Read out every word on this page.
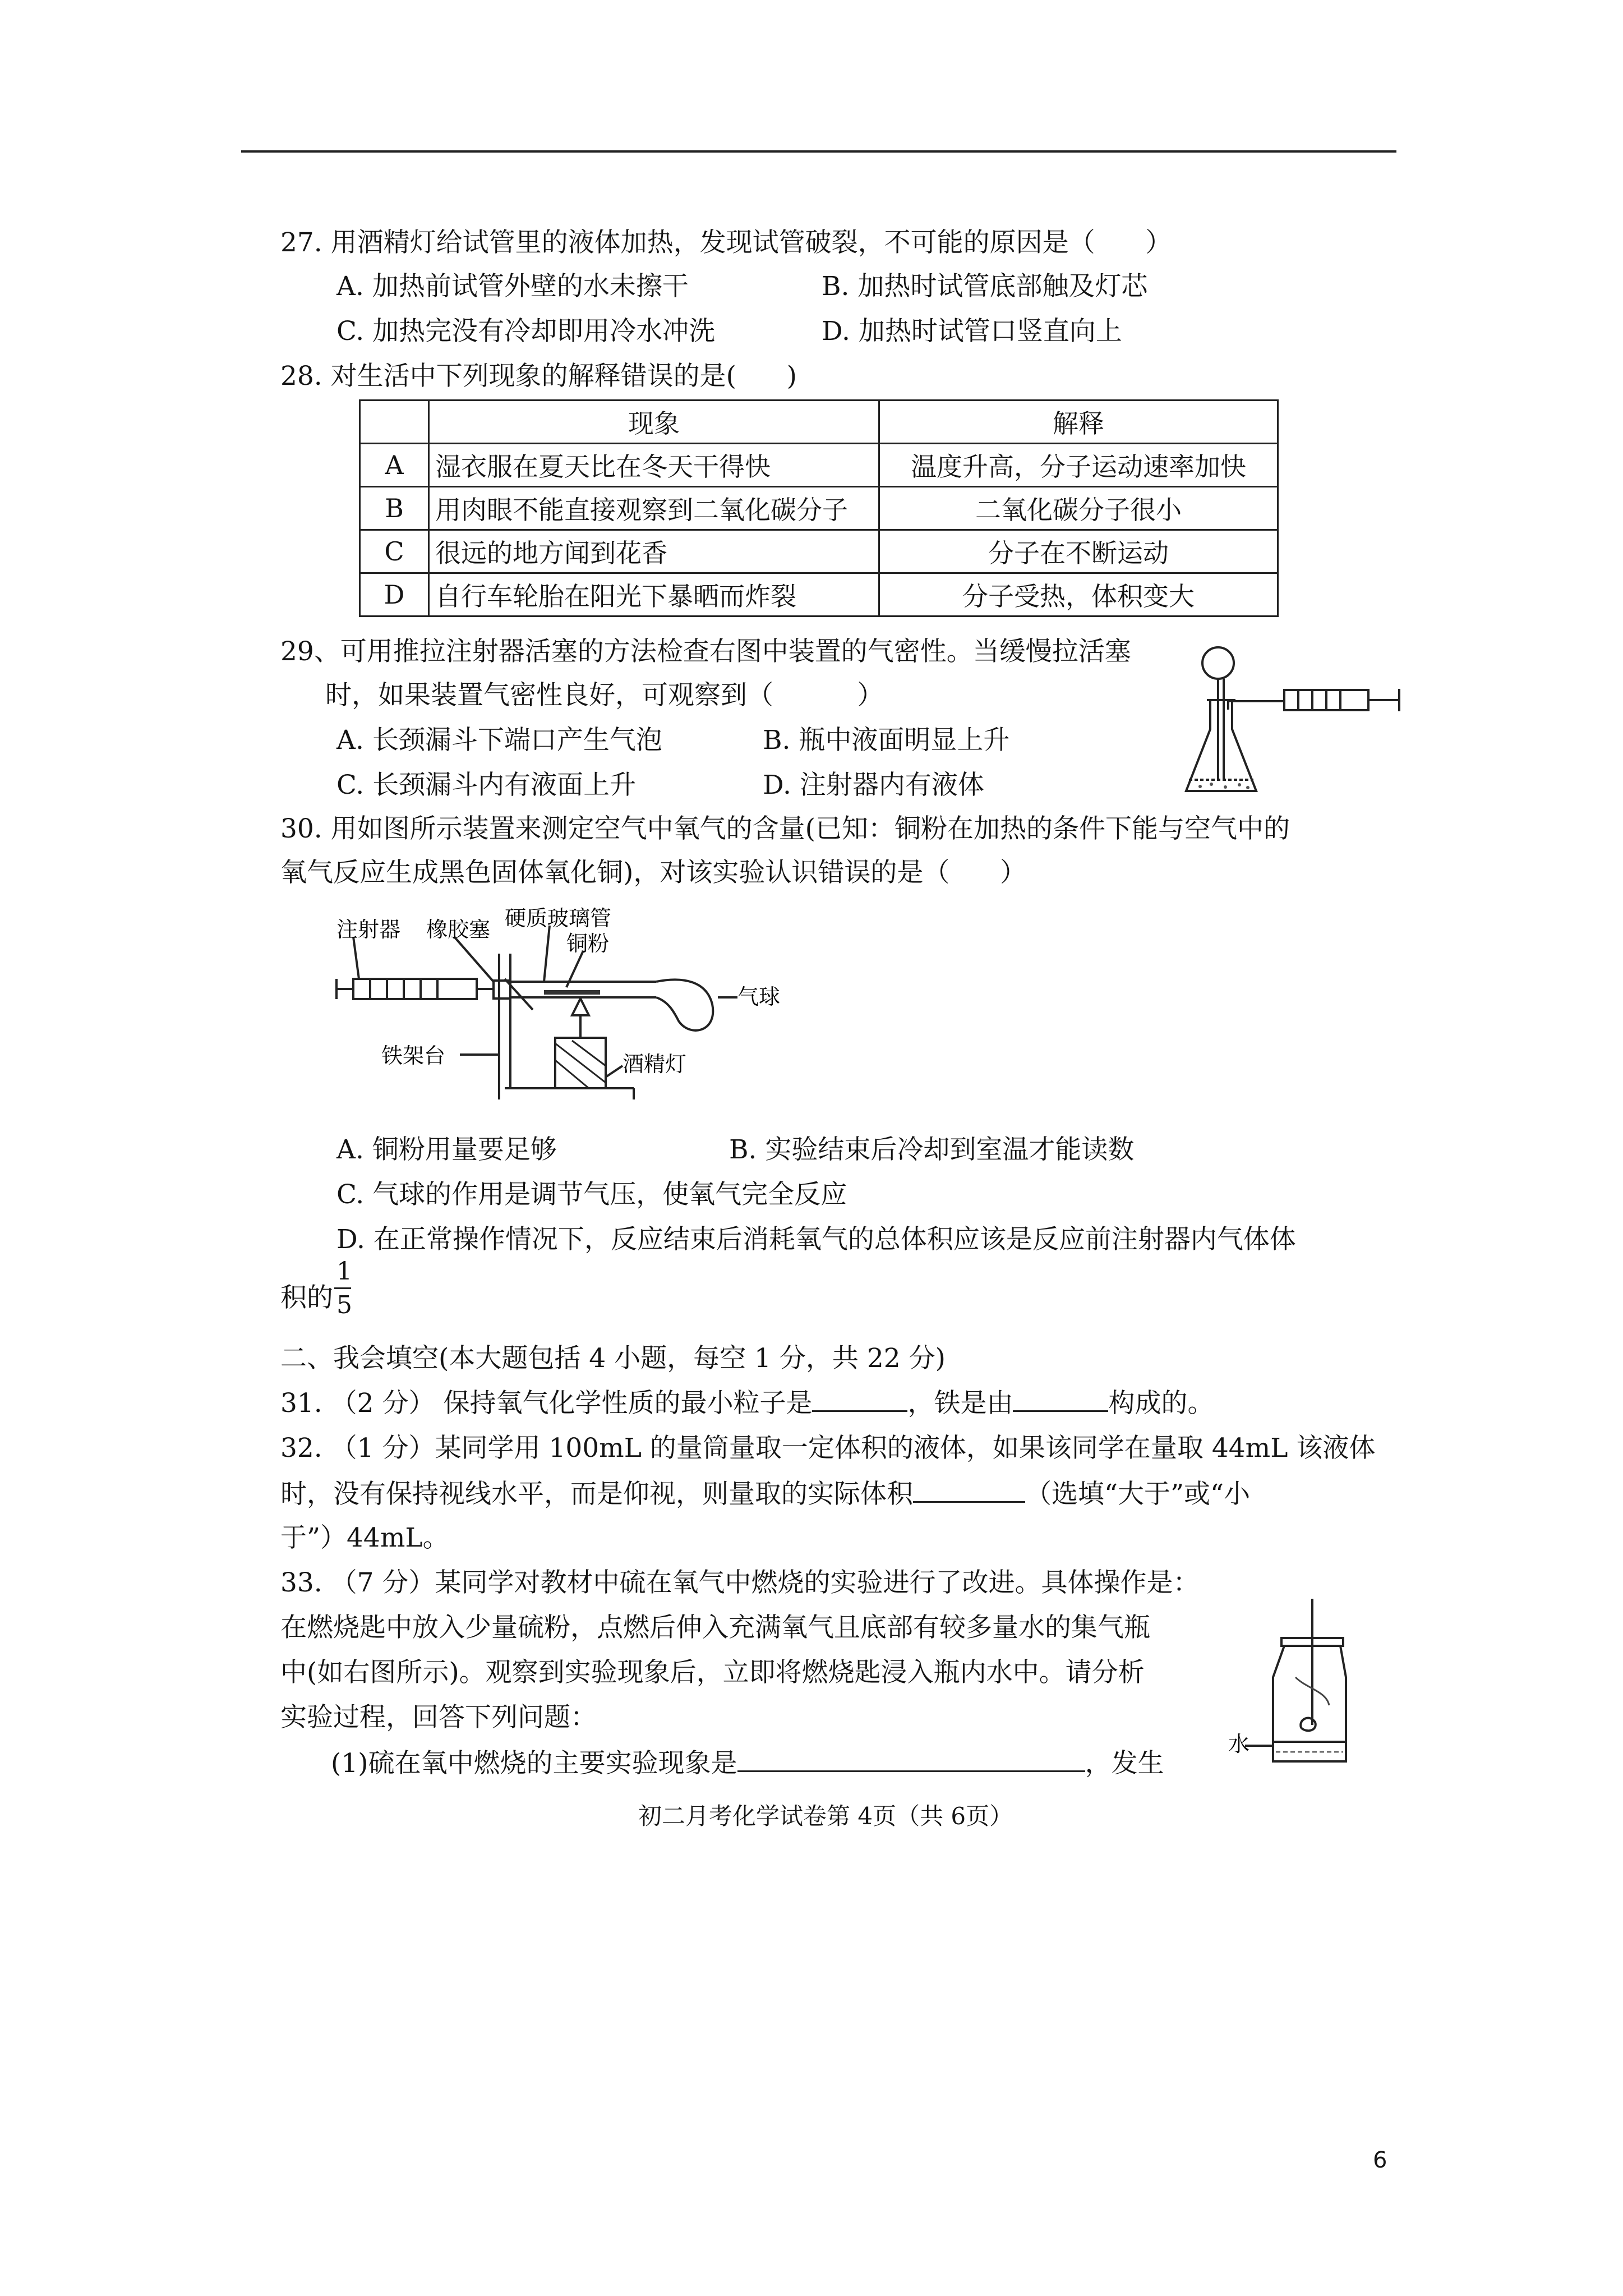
27. 用酒精灯给试管里的液体加热，发现试管破裂，不可能的原因是（      ）
A. 加热前试管外壁的水未擦干	B. 加热时试管底部触及灯芯
C. 加热完没有冷却即用冷水冲洗	D. 加热时试管口竖直向上
28. 对生活中下列现象的解释错误的是(      )
	现象	解释
A	湿衣服在夏天比在冬天干得快	温度升高，分子运动速率加快
B	用肉眼不能直接观察到二氧化碳分子	二氧化碳分子很小
C	很远的地方闻到花香	分子在不断运动
D	自行车轮胎在阳光下暴晒而炸裂	分子受热，体积变大
29、可用推拉注射器活塞的方法检查右图中装置的气密性。当缓慢拉活塞
时，如果装置气密性良好，可观察到（          ）
A. 长颈漏斗下端口产生气泡	B. 瓶中液面明显上升
C. 长颈漏斗内有液面上升	D. 注射器内有液体
30. 用如图所示装置来测定空气中氧气的含量(已知：铜粉在加热的条件下能与空气中的
氧气反应生成黑色固体氧化铜)，对该实验认识错误的是（      ）
注射器 橡胶塞 硬质玻璃管
铜粉
气球
铁架台	酒精灯
A. 铜粉用量要足够	B. 实验结束后冷却到室温才能读数
C. 气球的作用是调节气压，使氧气完全反应
D. 在正常操作情况下，反应结束后消耗氧气的总体积应该是反应前注射器内气体体
积的
1
5
二、我会填空(本大题包括 4 小题，每空 1 分，共 22 分)
31. （2 分） 保持氧气化学性质的最小粒子是	，铁是由	构成的。
32. （1 分）某同学用 100mL 的量筒量取一定体积的液体，如果该同学在量取 44mL 该液体
时，没有保持视线水平，而是仰视，则量取的实际体积	（选填“大于”或“小
于”）44mL。
33. （7 分）某同学对教材中硫在氧气中燃烧的实验进行了改进。具体操作是：
在燃烧匙中放入少量硫粉，点燃后伸入充满氧气且底部有较多量水的集气瓶
中(如右图所示)。观察到实验现象后，立即将燃烧匙浸入瓶内水中。请分析
实验过程，回答下列问题：
(1)硫在氧中燃烧的主要实验现象是	，发生
水
初二月考化学试卷第 4页（共 6页）
6
